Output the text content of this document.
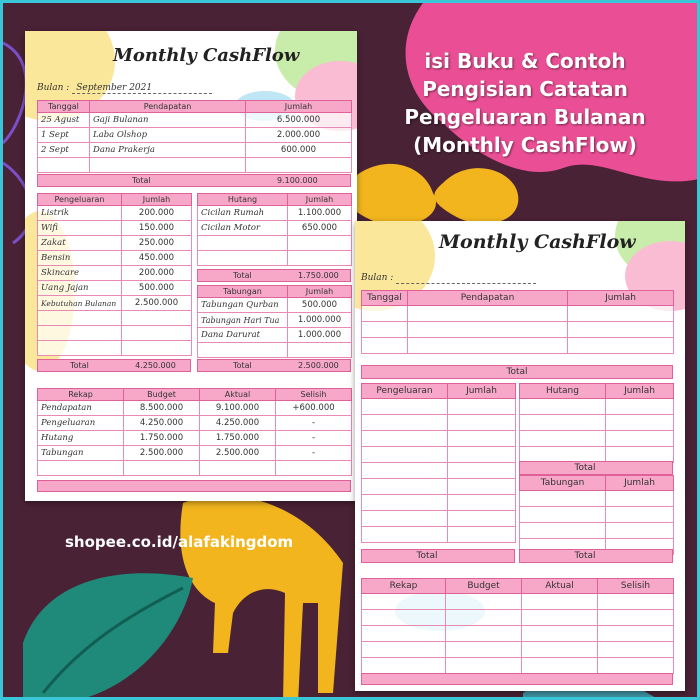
isi Buku & Contoh
Pengisian Catatan
Pengeluaran Bulanan
(Monthly CashFlow)
shopee.co.id/alafakingdom
Monthly CashFlow
Bulan : September 2021
Tanggal	Pendapatan	Jumlah
25 Agust	Gaji Bulanan	6.500.000
1 Sept	Laba Olshop	2.000.000
2 Sept	Dana Prakerja	600.000

Total	9.100.000
Pengeluaran	Jumlah
Listrik	200.000
Wifi	150.000
Zakat	250.000
Bensin	450.000
Skincare	200.000
Uang Jajan	500.000
Kebutuhan Bulanan	2.500.000

Total	4.250.000
Hutang	Jumlah
Cicilan Rumah	1.100.000
Cicilan Motor	650.000

Total	1.750.000
Tabungan	Jumlah
Tabungan Qurban	500.000
Tabungan Hari Tua	1.000.000
Dana Darurat	1.000.000

Total	2.500.000
Rekap	Budget	Aktual	Selisih
Pendapatan	8.500.000	9.100.000	+600.000
Pengeluaran	4.250.000	4.250.000	-
Hutang	1.750.000	1.750.000	-
Tabungan	2.500.000	2.500.000	-

Monthly CashFlow
Bulan :
Tanggal	Pendapatan	Jumlah

Total
Pengeluaran	Jumlah

Total
Hutang	Jumlah

Total
Tabungan	Jumlah

Total
Rekap	Budget	Aktual	Selisih
